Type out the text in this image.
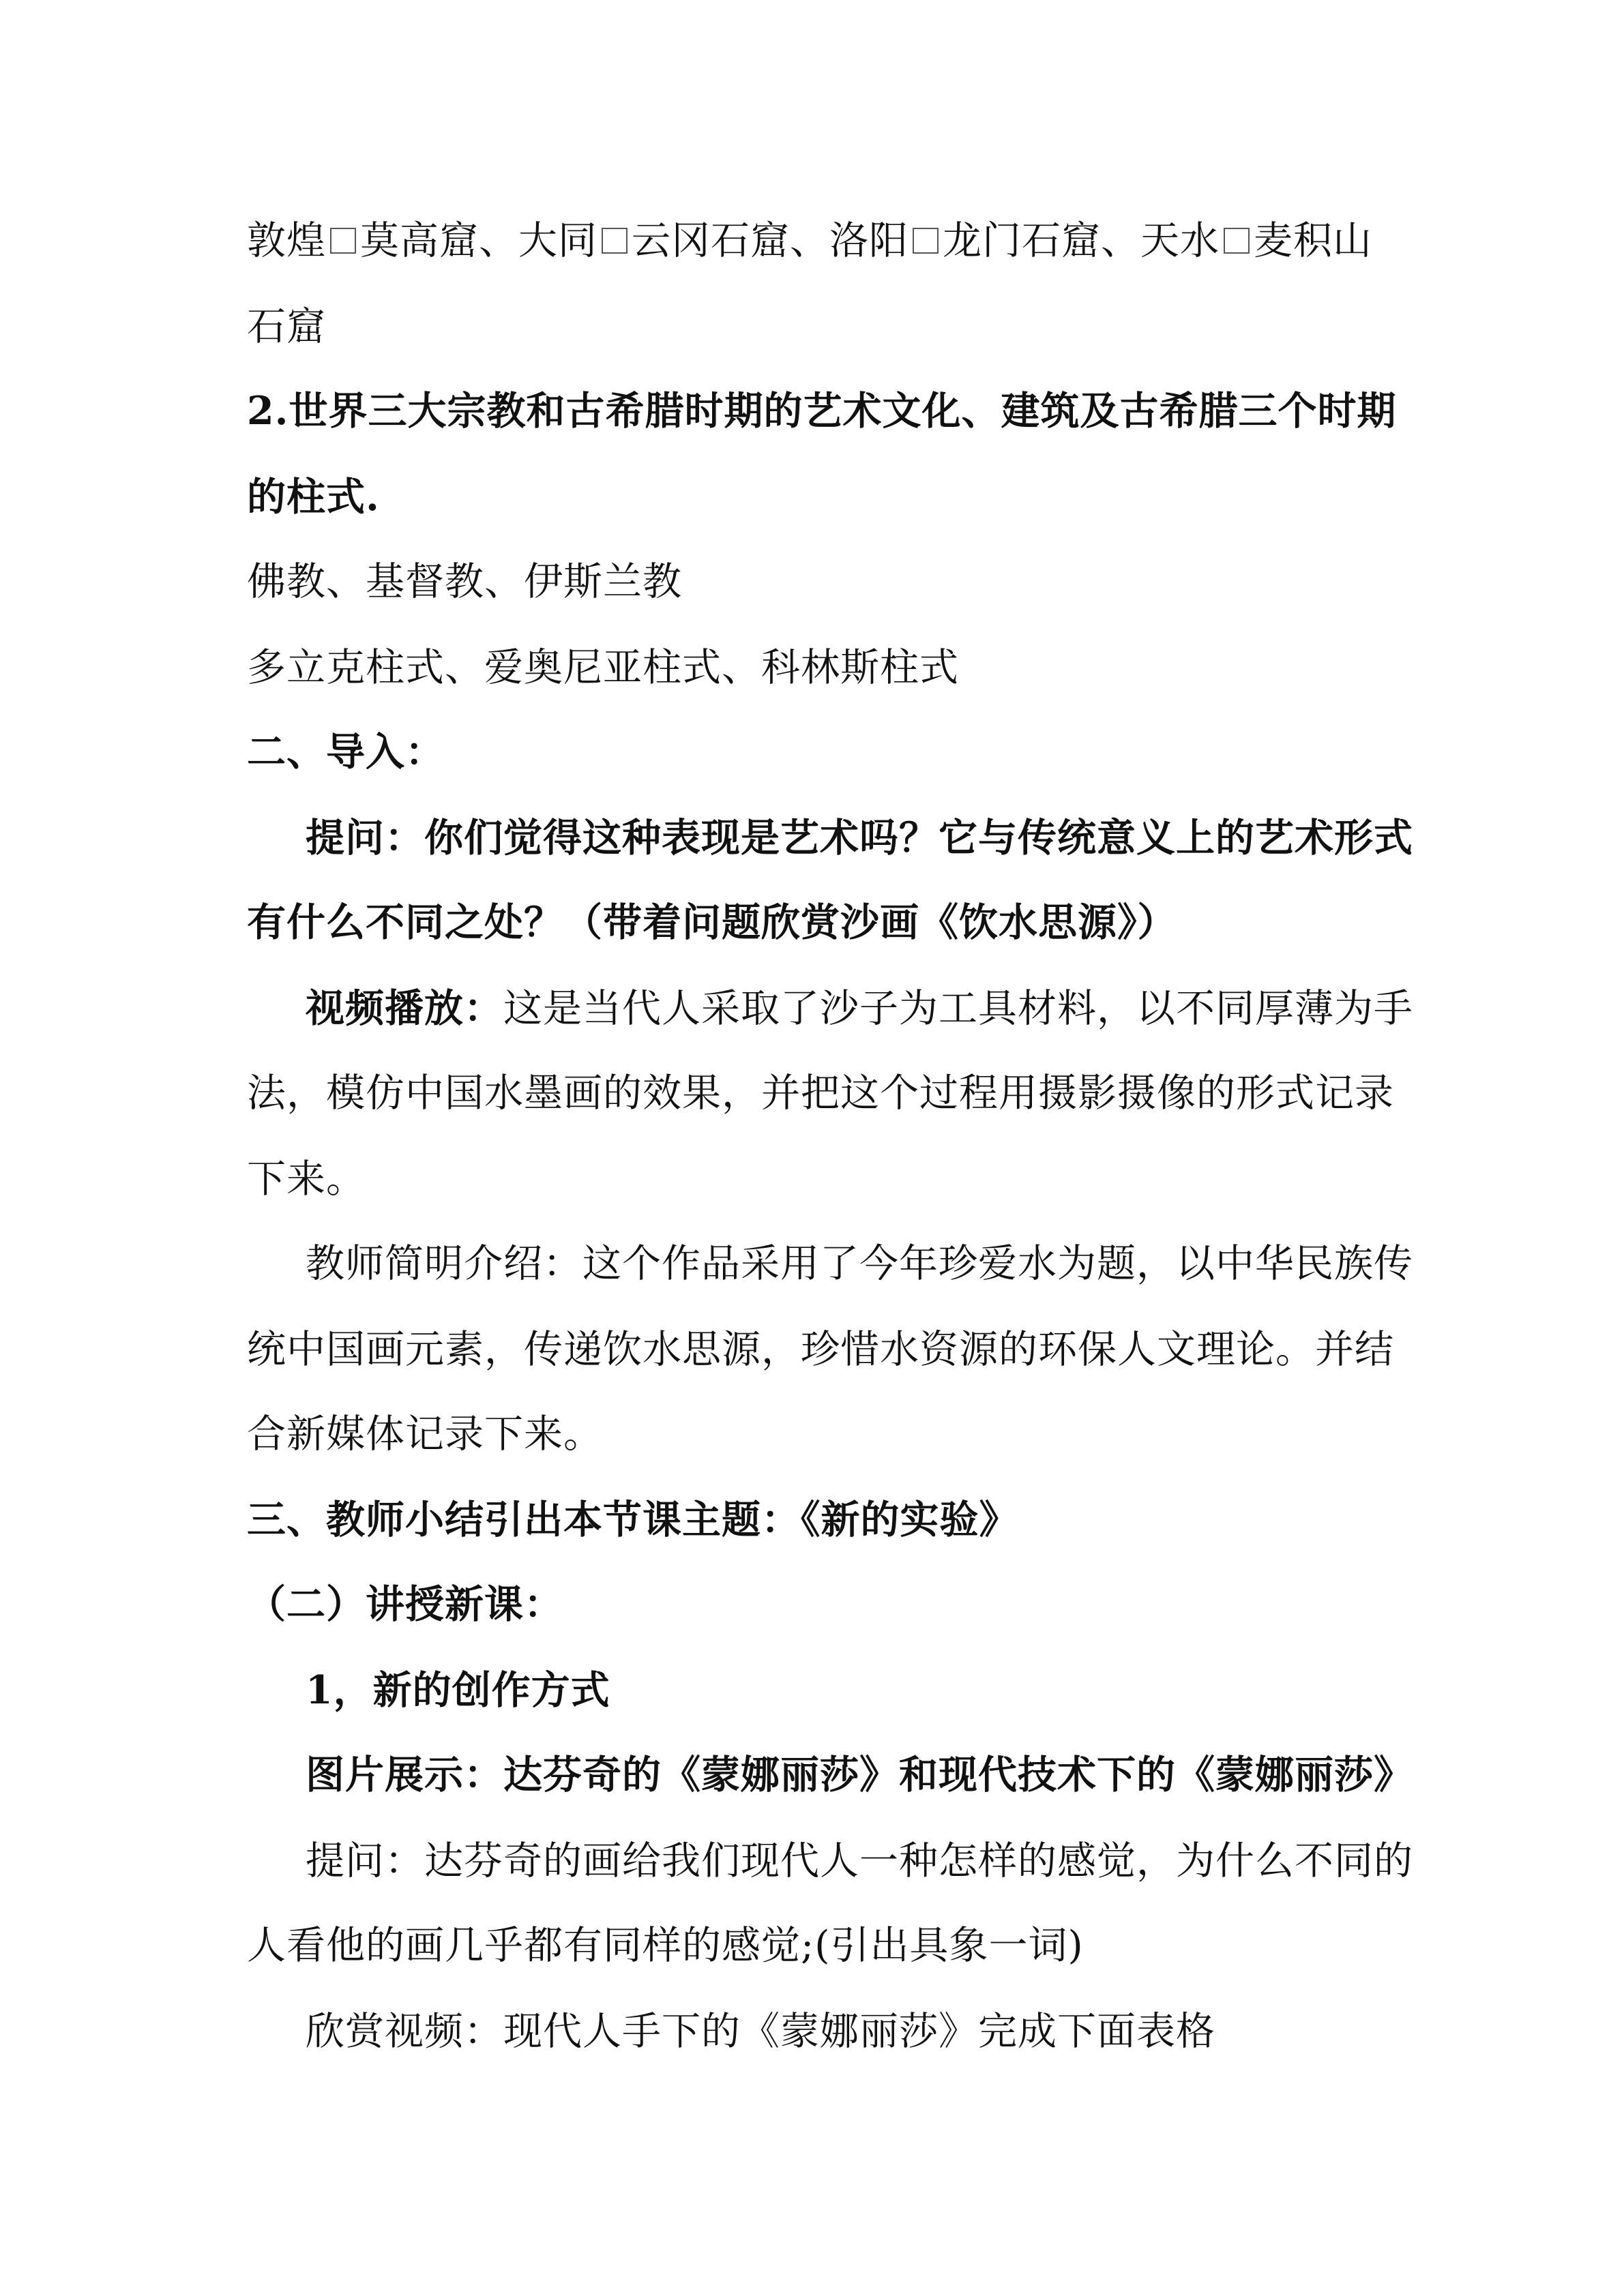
敦煌 莫高窟、大同 云冈石窟、洛阳 龙门石窟、天水 麦积山
石窟
2.世界三大宗教和古希腊时期的艺术文化、建筑及古希腊三个时期
的柱式.
佛教、基督教、伊斯兰教
多立克柱式、爱奥尼亚柱式、科林斯柱式
二、导入：
提问：你们觉得这种表现是艺术吗？它与传统意义上的艺术形式
有什么不同之处？（带着问题欣赏沙画《饮水思源》）
视频播放：这是当代人采取了沙子为工具材料，以不同厚薄为手
法，模仿中国水墨画的效果，并把这个过程用摄影摄像的形式记录
下来。
教师简明介绍：这个作品采用了今年珍爱水为题，以中华民族传
统中国画元素，传递饮水思源，珍惜水资源的环保人文理论。并结
合新媒体记录下来。
三、教师小结引出本节课主题：《新的实验》
（二）讲授新课：
1，新的创作方式
图片展示：达芬奇的《蒙娜丽莎》和现代技术下的《蒙娜丽莎》
提问：达芬奇的画给我们现代人一种怎样的感觉，为什么不同的
人看他的画几乎都有同样的感觉;(引出具象一词)
欣赏视频：现代人手下的《蒙娜丽莎》完成下面表格
